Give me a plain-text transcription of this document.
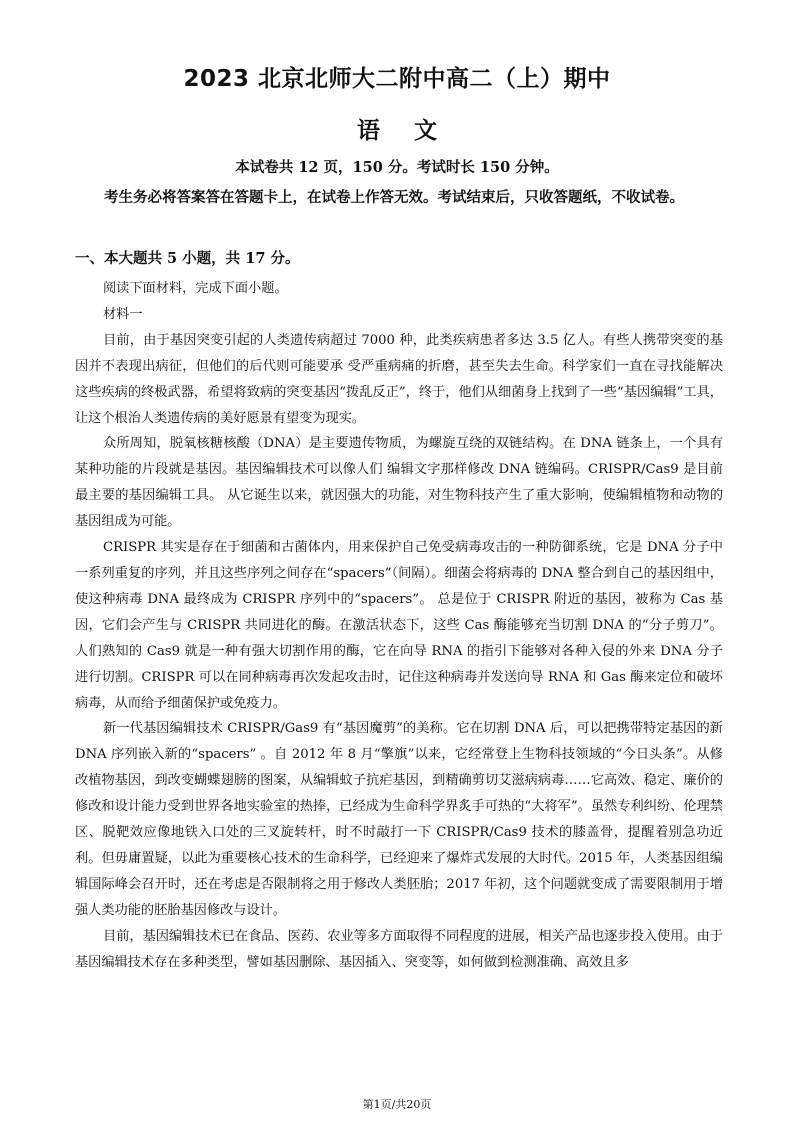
2023 北京北师大二附中高二（上）期中
语文
本试卷共 12 页，150 分。考试时长 150 分钟。
考生务必将答案答在答题卡上，在试卷上作答无效。考试结束后，只收答题纸，不收试卷。
一、本大题共 5 小题，共 17 分。

阅读下面材料，完成下面小题。

材料一

目前，由于基因突变引起的人类遗传病超过 7000 种，此类疾病患者多达 3.5 亿人。有些人携带突变的基因并不表现出病征，但他们的后代则可能要承 受严重病痛的折磨，甚至失去生命。科学家们一直在寻找能解决这些疾病的终极武器，希望将致病的突变基因“拨乱反正”，终于，他们从细菌身上找到了一些“基因编辑”工具，让这个根治人类遗传病的美好愿景有望变为现实。

众所周知，脱氧核糖核酸（DNA）是主要遗传物质，为螺旋互绕的双链结构。在 DNA 链条上，一个具有某种功能的片段就是基因。基因编辑技术可以像人们 编辑文字那样修改 DNA 链编码。CRISPR/Cas9 是目前最主要的基因编辑工具。 从它诞生以来，就因强大的功能，对生物科技产生了重大影响，使编辑植物和动物的基因组成为可能。

CRISPR 其实是存在于细菌和古菌体内，用来保护自己免受病毒攻击的一种防御系统，它是 DNA 分子中一系列重复的序列，并且这些序列之间存在“spacers”（间隔）。细菌会将病毒的 DNA 整合到自己的基因组中，使这种病毒 DNA 最终成为 CRISPR 序列中的“spacers”。 总是位于 CRISPR 附近的基因，被称为 Cas 基因，它们会产生与 CRISPR 共同进化的酶。在激活状态下，这些 Cas 酶能够充当切割 DNA 的“分子剪刀”。人们熟知的 Cas9 就是一种有强大切割作用的酶，它在向导 RNA 的指引下能够对各种入侵的外来 DNA 分子进行切割。CRISPR 可以在同种病毒再次发起攻击时，记住这种病毒并发送向导 RNA 和 Gas 酶来定位和破坏病毒，从而给予细菌保护或免疫力。

新一代基因编辑技术 CRISPR/Gas9 有“基因魔剪”的美称。它在切割 DNA 后，可以把携带特定基因的新 DNA 序列嵌入新的“spacers” 。自 2012 年 8 月“擎旗”以来，它经常登上生物科技领域的“今日头条”。从修改植物基因，到改变蝴蝶翅膀的图案，从编辑蚊子抗疟基因，到精确剪切艾滋病病毒……它高效、稳定、廉价的修改和设计能力受到世界各地实验室的热捧，已经成为生命科学界炙手可热的“大将军”。虽然专利纠纷、伦理禁区、脱靶效应像地铁入口处的三叉旋转杆，时不时敲打一下 CRISPR/Cas9 技术的膝盖骨，提醒着别急功近利。但毋庸置疑，以此为重要核心技术的生命科学，已经迎来了爆炸式发展的大时代。2015 年，人类基因组编辑国际峰会召开时，还在考虑是否限制将之用于修改人类胚胎；2017 年初，这个问题就变成了需要限制用于增强人类功能的胚胎基因修改与设计。

目前，基因编辑技术已在食品、医药、农业等多方面取得不同程度的进展，相关产品也逐步投入使用。由于基因编辑技术存在多种类型，譬如基因删除、基因插入、突变等，如何做到检测准确、高效且多

第1页/共20页
